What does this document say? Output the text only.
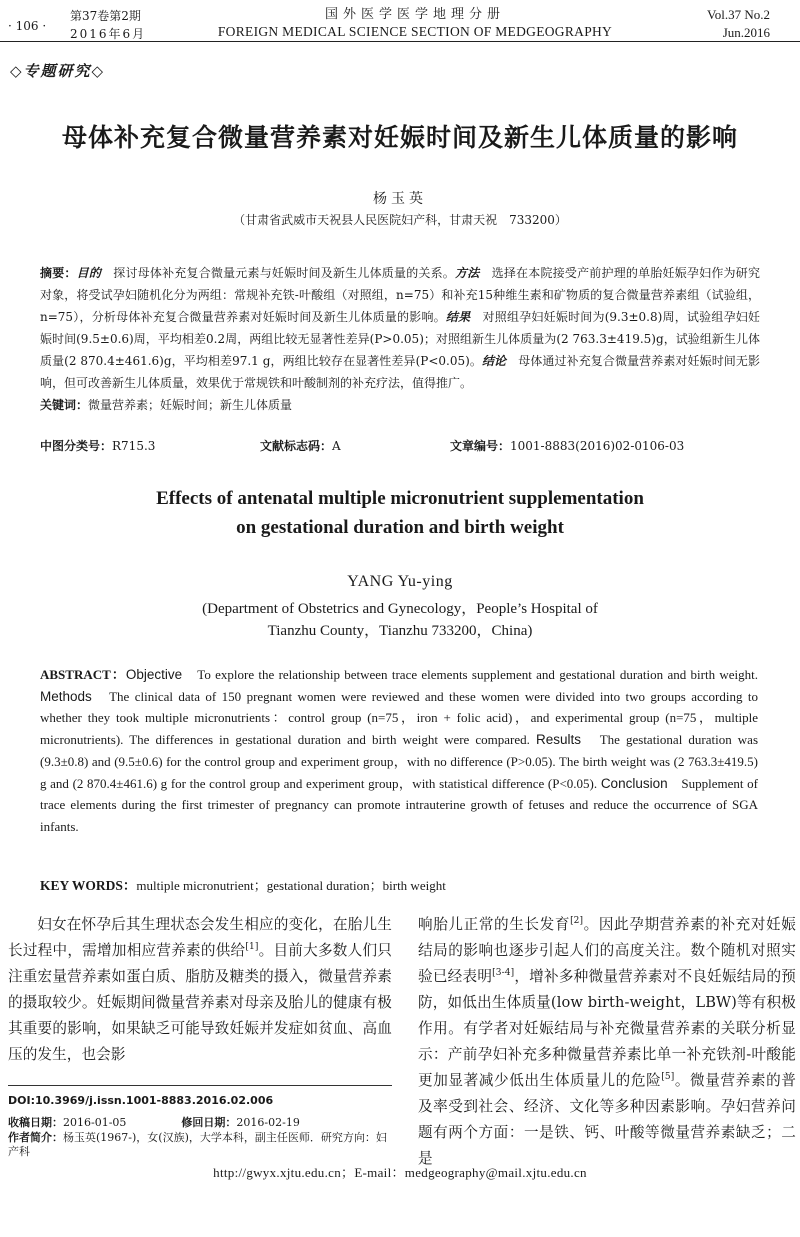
· 106 ·
第37卷第2期
2016年6月
国外医学医学地理分册
FOREIGN MEDICAL SCIENCE SECTION OF MEDGEOGRAPHY
Vol.37 No.2
Jun.2016
◇专题研究◇
母体补充复合微量营养素对妊娠时间及新生儿体质量的影响
杨玉英
（甘肃省武威市天祝县人民医院妇产科，甘肃天祝　733200）
摘要：目的　探讨母体补充复合微量元素与妊娠时间及新生儿体质量的关系。方法　选择在本院接受产前护理的单胎妊娠孕妇作为研究对象，将受试孕妇随机化分为两组：常规补充铁-叶酸组（对照组，n=75）和补充15种维生素和矿物质的复合微量营养素组（试验组，n=75），分析母体补充复合微量营养素对妊娠时间及新生儿体质量的影响。结果　对照组孕妇妊娠时间为(9.3±0.8)周，试验组孕妇妊娠时间(9.5±0.6)周，平均相差0.2周，两组比较无显著性差异(P>0.05)；对照组新生儿体质量为(2 763.3±419.5)g，试验组新生儿体质量(2 870.4±461.6)g，平均相差97.1 g，两组比较存在显著性差异(P<0.05)。结论　母体通过补充复合微量营养素对妊娠时间无影响，但可改善新生儿体质量，效果优于常规铁和叶酸制剂的补充疗法，值得推广。
关键词：微量营养素；妊娠时间；新生儿体质量
中图分类号：R715.3	文献标志码：A	文章编号：1001-8883(2016)02-0106-03
Effects of antenatal multiple micronutrient supplementation
on gestational duration and birth weight
YANG Yu-ying
(Department of Obstetrics and Gynecology，People’s Hospital of
Tianzhu County，Tianzhu 733200，China)
ABSTRACT：Objective　To explore the relationship between trace elements supplement and gestational duration and birth weight. Methods　The clinical data of 150 pregnant women were reviewed and these women were divided into two groups according to whether they took multiple micronutrients：control group (n=75，iron + folic acid)，and experimental group (n=75，multiple micronutrients). The differences in gestational duration and birth weight were compared. Results　The gestational duration was (9.3±0.8) and (9.5±0.6) for the control group and experiment group，with no difference (P>0.05). The birth weight was (2 763.3±419.5) g and (2 870.4±461.6) g for the control group and experiment group，with statistical difference (P<0.05). Conclusion　Supplement of trace elements during the first trimester of pregnancy can promote intrauterine growth of fetuses and reduce the occurrence of SGA infants.
KEY WORDS：multiple micronutrient；gestational duration；birth weight

妇女在怀孕后其生理状态会发生相应的变化，在胎儿生长过程中，需增加相应营养素的供给[1]。目前大多数人们只注重宏量营养素如蛋白质、脂肪及糖类的摄入，微量营养素的摄取较少。妊娠期间微量营养素对母亲及胎儿的健康有极其重要的影响，如果缺乏可能导致妊娠并发症如贫血、高血压的发生，也会影

响胎儿正常的生长发育[2]。因此孕期营养素的补充对妊娠结局的影响也逐步引起人们的高度关注。数个随机对照实验已经表明[3-4]，增补多种微量营养素对不良妊娠结局的预防，如低出生体质量(low birth-weight，LBW)等有积极作用。有学者对妊娠结局与补充微量营养素的关联分析显示：产前孕妇补充多种微量营养素比单一补充铁剂-叶酸能更加显著减少低出生体质量儿的危险[5]。微量营养素的普及率受到社会、经济、文化等多种因素影响。孕妇营养问题有两个方面：一是铁、钙、叶酸等微量营养素缺乏；二是

DOI:10.3969/j.issn.1001-8883.2016.02.006
收稿日期：2016-01-05	修回日期：2016-02-19
作者简介：杨玉英(1967-)，女(汉族)，大学本科，副主任医师．研究方向：妇产科
http://gwyx.xjtu.edu.cn；E-mail：medgeography@mail.xjtu.edu.cn
